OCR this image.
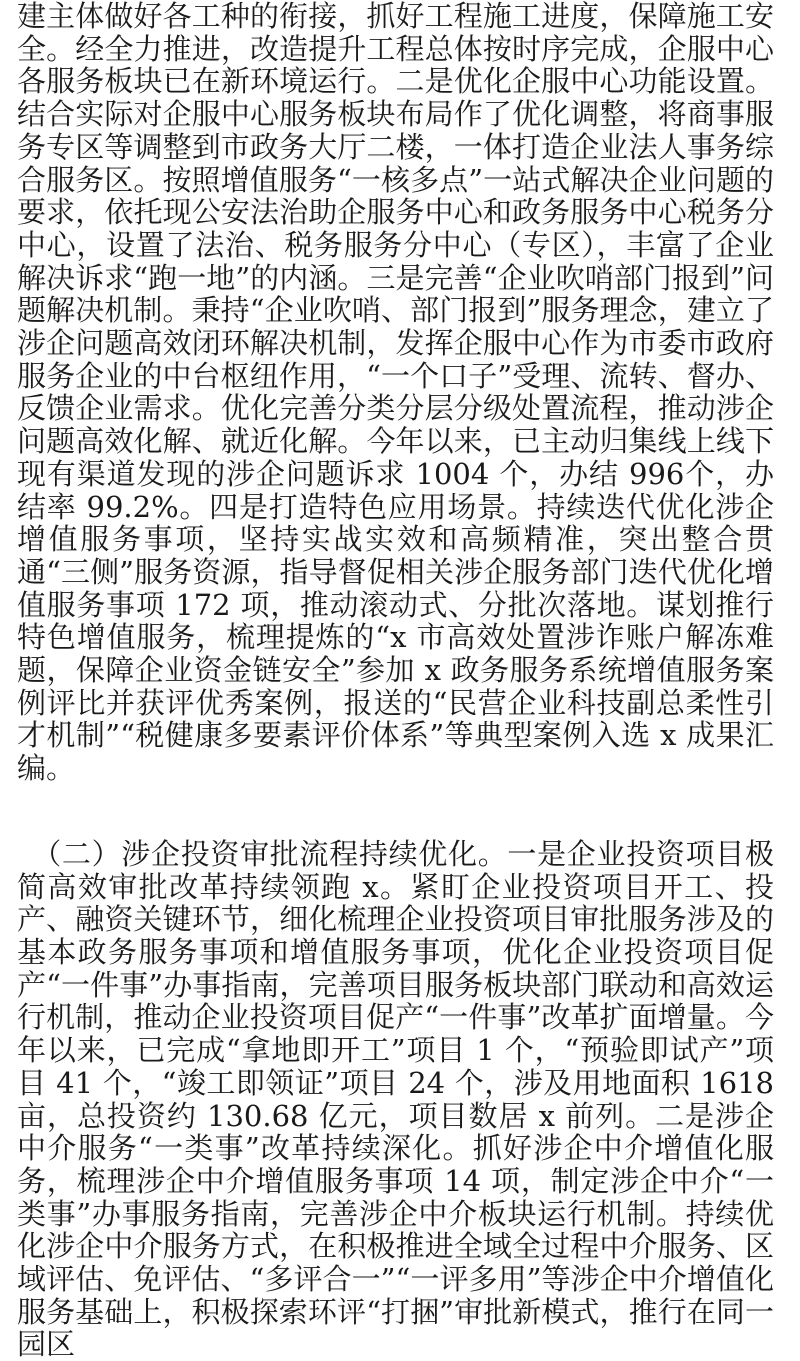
建主体做好各工种的衔接，抓好工程施工进度，保障施工安全。经全力推进，改造提升工程总体按时序完成，企服中心各服务板块已在新环境运行。二是优化企服中心功能设置。结合实际对企服中心服务板块布局作了优化调整，将商事服务专区等调整到市政务大厅二楼，一体打造企业法人事务综合服务区。按照增值服务“一核多点”一站式解决企业问题的要求，依托现公安法治助企服务中心和政务服务中心税务分中心，设置了法治、税务服务分中心（专区），丰富了企业解决诉求“跑一地”的内涵。三是完善“企业吹哨部门报到”问题解决机制。秉持“企业吹哨、部门报到”服务理念，建立了涉企问题高效闭环解决机制，发挥企服中心作为市委市政府服务企业的中台枢纽作用，“一个口子”受理、流转、督办、反馈企业需求。优化完善分类分层分级处置流程，推动涉企问题高效化解、就近化解。今年以来，已主动归集线上线下现有渠道发现的涉企问题诉求 1004 个，办结 996个，办结率 99.2%。四是打造特色应用场景。持续迭代优化涉企增值服务事项，坚持实战实效和高频精准，突出整合贯通“三侧”服务资源，指导督促相关涉企服务部门迭代优化增值服务事项 172 项，推动滚动式、分批次落地。谋划推行特色增值服务，梳理提炼的“x 市高效处置涉诈账户解冻难题，保障企业资金链安全”参加 x 政务服务系统增值服务案例评比并获评优秀案例，报送的“民营企业科技副总柔性引才机制”“税健康多要素评价体系”等典型案例入选 x 成果汇编。
　（二）涉企投资审批流程持续优化。一是企业投资项目极简高效审批改革持续领跑 x。紧盯企业投资项目开工、投产、融资关键环节，细化梳理企业投资项目审批服务涉及的基本政务服务事项和增值服务事项，优化企业投资项目促产“一件事”办事指南，完善项目服务板块部门联动和高效运行机制，推动企业投资项目促产“一件事”改革扩面增量。今年以来，已完成“拿地即开工”项目 1 个，“预验即试产”项目 41 个，“竣工即领证”项目 24 个，涉及用地面积 1618 亩，总投资约 130.68 亿元，项目数居 x 前列。二是涉企中介服务“一类事”改革持续深化。抓好涉企中介增值化服务，梳理涉企中介增值服务事项 14 项，制定涉企中介“一类事”办事服务指南，完善涉企中介板块运行机制。持续优化涉企中介服务方式，在积极推进全域全过程中介服务、区域评估、免评估、“多评合一”“一评多用”等涉企中介增值化服务基础上，积极探索环评“打捆”审批新模式，推行在同一园区
